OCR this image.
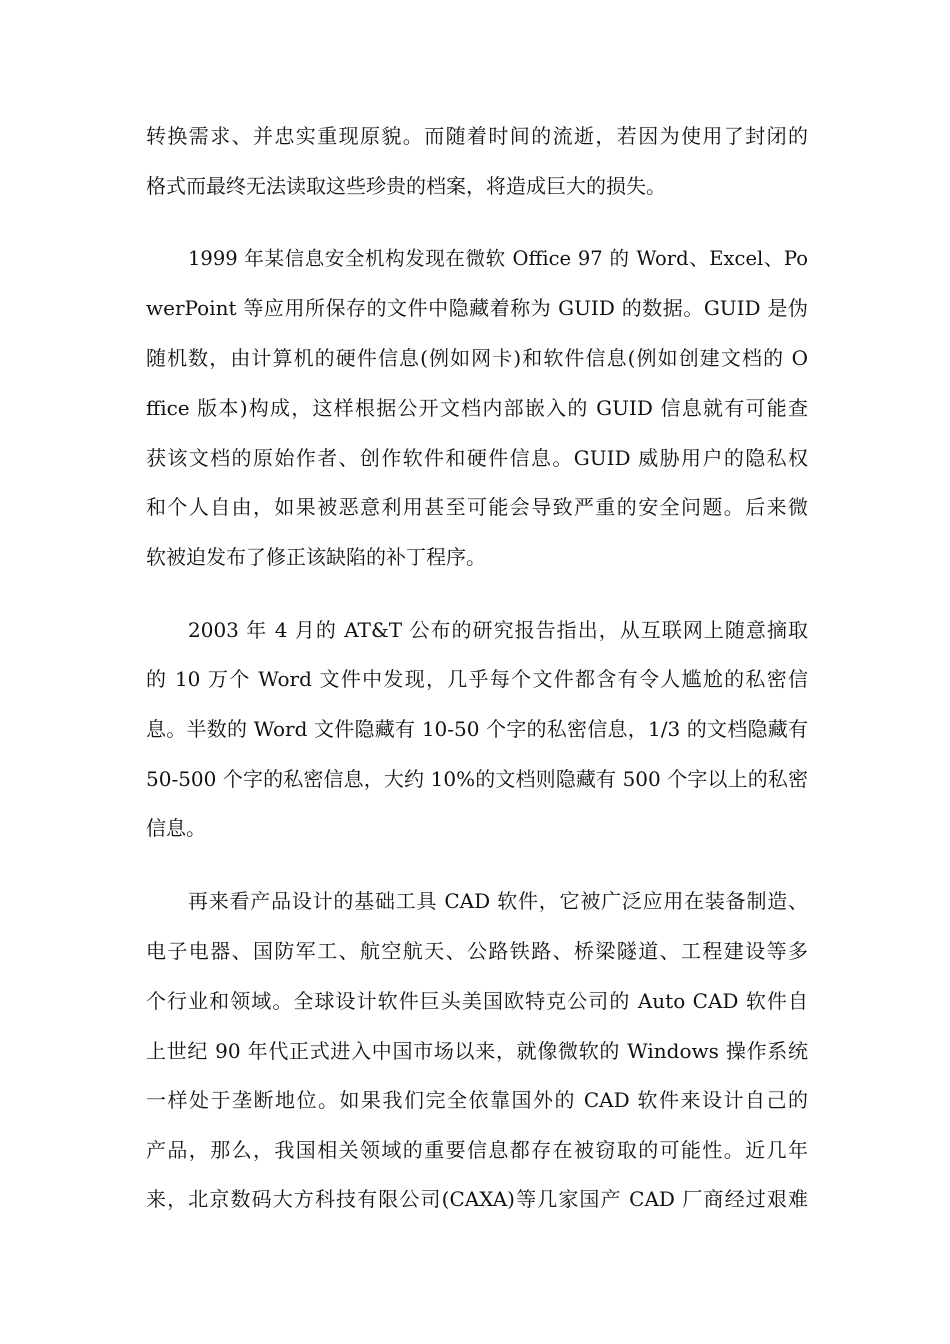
转换需求、并忠实重现原貌。而随着时间的流逝，若因为使用了封闭的

格式而最终无法读取这些珍贵的档案，将造成巨大的损失。

1999 年某信息安全机构发现在微软 Office 97 的 Word、Excel、Po

werPoint 等应用所保存的文件中隐藏着称为 GUID 的数据。GUID 是伪

随机数，由计算机的硬件信息(例如网卡)和软件信息(例如创建文档的 O

ffice 版本)构成，这样根据公开文档内部嵌入的 GUID 信息就有可能查

获该文档的原始作者、创作软件和硬件信息。GUID 威胁用户的隐私权

和个人自由，如果被恶意利用甚至可能会导致严重的安全问题。后来微

软被迫发布了修正该缺陷的补丁程序。

2003 年 4 月的 AT&T 公布的研究报告指出，从互联网上随意摘取

的 10 万个 Word 文件中发现，几乎每个文件都含有令人尴尬的私密信

息。半数的 Word 文件隐藏有 10-50 个字的私密信息，1/3 的文档隐藏有

50-500 个字的私密信息，大约 10%的文档则隐藏有 500 个字以上的私密

信息。

再来看产品设计的基础工具 CAD 软件，它被广泛应用在装备制造、

电子电器、国防军工、航空航天、公路铁路、桥梁隧道、工程建设等多

个行业和领域。全球设计软件巨头美国欧特克公司的 Auto CAD 软件自

上世纪 90 年代正式进入中国市场以来，就像微软的 Windows 操作系统

一样处于垄断地位。如果我们完全依靠国外的 CAD 软件来设计自己的

产品，那么，我国相关领域的重要信息都存在被窃取的可能性。近几年

来，北京数码大方科技有限公司(CAXA)等几家国产 CAD 厂商经过艰难
